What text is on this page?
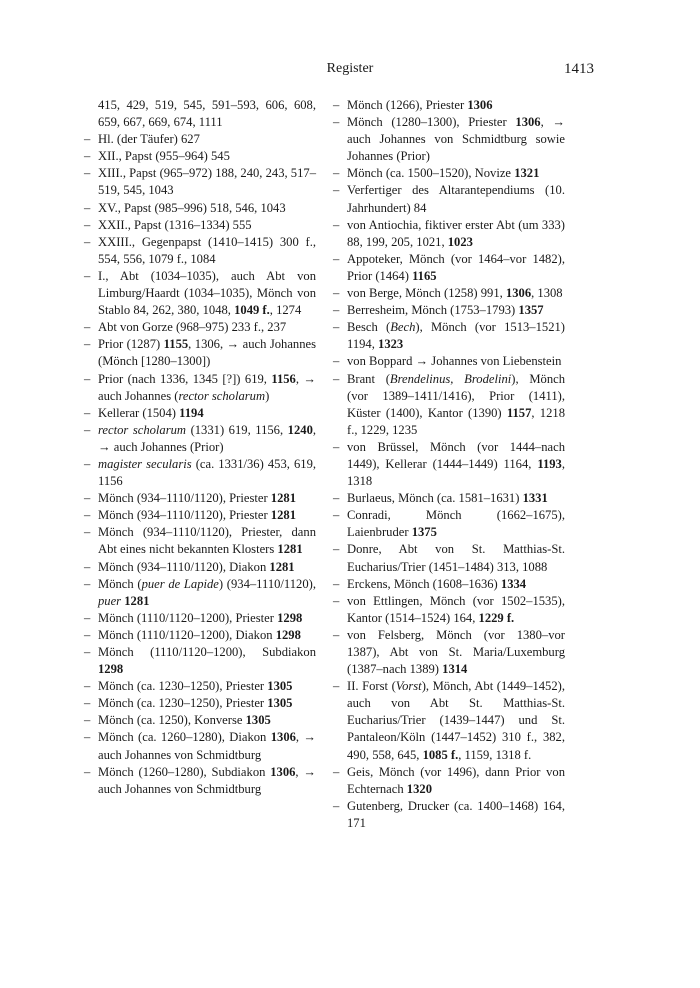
Register	1413
415, 429, 519, 545, 591–593, 606, 608, 659, 667, 669, 674, 1111
– Hl. (der Täufer) 627
– XII., Papst (955–964) 545
– XIII., Papst (965–972) 188, 240, 243, 517–519, 545, 1043
– XV., Papst (985–996) 518, 546, 1043
– XXII., Papst (1316–1334) 555
– XXIII., Gegenpapst (1410–1415) 300 f., 554, 556, 1079 f., 1084
– I., Abt (1034–1035), auch Abt von Limburg/Haardt (1034–1035), Mönch von Stablo 84, 262, 380, 1048, 1049 f., 1274
– Abt von Gorze (968–975) 233 f., 237
– Prior (1287) 1155, 1306, → auch Johannes (Mönch [1280–1300])
– Prior (nach 1336, 1345 [?]) 619, 1156, → auch Johannes (rector scholarum)
– Kellerar (1504) 1194
– rector scholarum (1331) 619, 1156, 1240, → auch Johannes (Prior)
– magister secularis (ca. 1331/36) 453, 619, 1156
– Mönch (934–1110/1120), Priester 1281
– Mönch (934–1110/1120), Priester 1281
– Mönch (934–1110/1120), Priester, dann Abt eines nicht bekannten Klosters 1281
– Mönch (934–1110/1120), Diakon 1281
– Mönch (puer de Lapide) (934–1110/1120), puer 1281
– Mönch (1110/1120–1200), Priester 1298
– Mönch (1110/1120–1200), Diakon 1298
– Mönch (1110/1120–1200), Subdiakon 1298
– Mönch (ca. 1230–1250), Priester 1305
– Mönch (ca. 1230–1250), Priester 1305
– Mönch (ca. 1250), Konverse 1305
– Mönch (ca. 1260–1280), Diakon 1306, → auch Johannes von Schmidtburg
– Mönch (1260–1280), Subdiakon 1306, → auch Johannes von Schmidtburg
– Mönch (1266), Priester 1306
– Mönch (1280–1300), Priester 1306, → auch Johannes von Schmidtburg sowie Johannes (Prior)
– Mönch (ca. 1500–1520), Novize 1321
– Verfertiger des Altarantependiums (10. Jahrhundert) 84
– von Antiochia, fiktiver erster Abt (um 333) 88, 199, 205, 1021, 1023
– Appoteker, Mönch (vor 1464–vor 1482), Prior (1464) 1165
– von Berge, Mönch (1258) 991, 1306, 1308
– Berresheim, Mönch (1753–1793) 1357
– Besch (Bech), Mönch (vor 1513–1521) 1194, 1323
– von Boppard → Johannes von Liebenstein
– Brant (Brendelinus, Brodelini), Mönch (vor 1389–1411/1416), Prior (1411), Küster (1400), Kantor (1390) 1157, 1218 f., 1229, 1235
– von Brüssel, Mönch (vor 1444–nach 1449), Kellerar (1444–1449) 1164, 1193, 1318
– Burlaeus, Mönch (ca. 1581–1631) 1331
– Conradi, Mönch (1662–1675), Laienbruder 1375
– Donre, Abt von St. Matthias-St. Eucharius/Trier (1451–1484) 313, 1088
– Erckens, Mönch (1608–1636) 1334
– von Ettlingen, Mönch (vor 1502–1535), Kantor (1514–1524) 164, 1229 f.
– von Felsberg, Mönch (vor 1380–vor 1387), Abt von St. Maria/Luxemburg (1387–nach 1389) 1314
– II. Forst (Vorst), Mönch, Abt (1449–1452), auch von Abt St. Matthias-St. Eucharius/Trier (1439–1447) und St. Pantaleon/Köln (1447–1452) 310 f., 382, 490, 558, 645, 1085 f., 1159, 1318 f.
– Geis, Mönch (vor 1496), dann Prior von Echternach 1320
– Gutenberg, Drucker (ca. 1400–1468) 164, 171
